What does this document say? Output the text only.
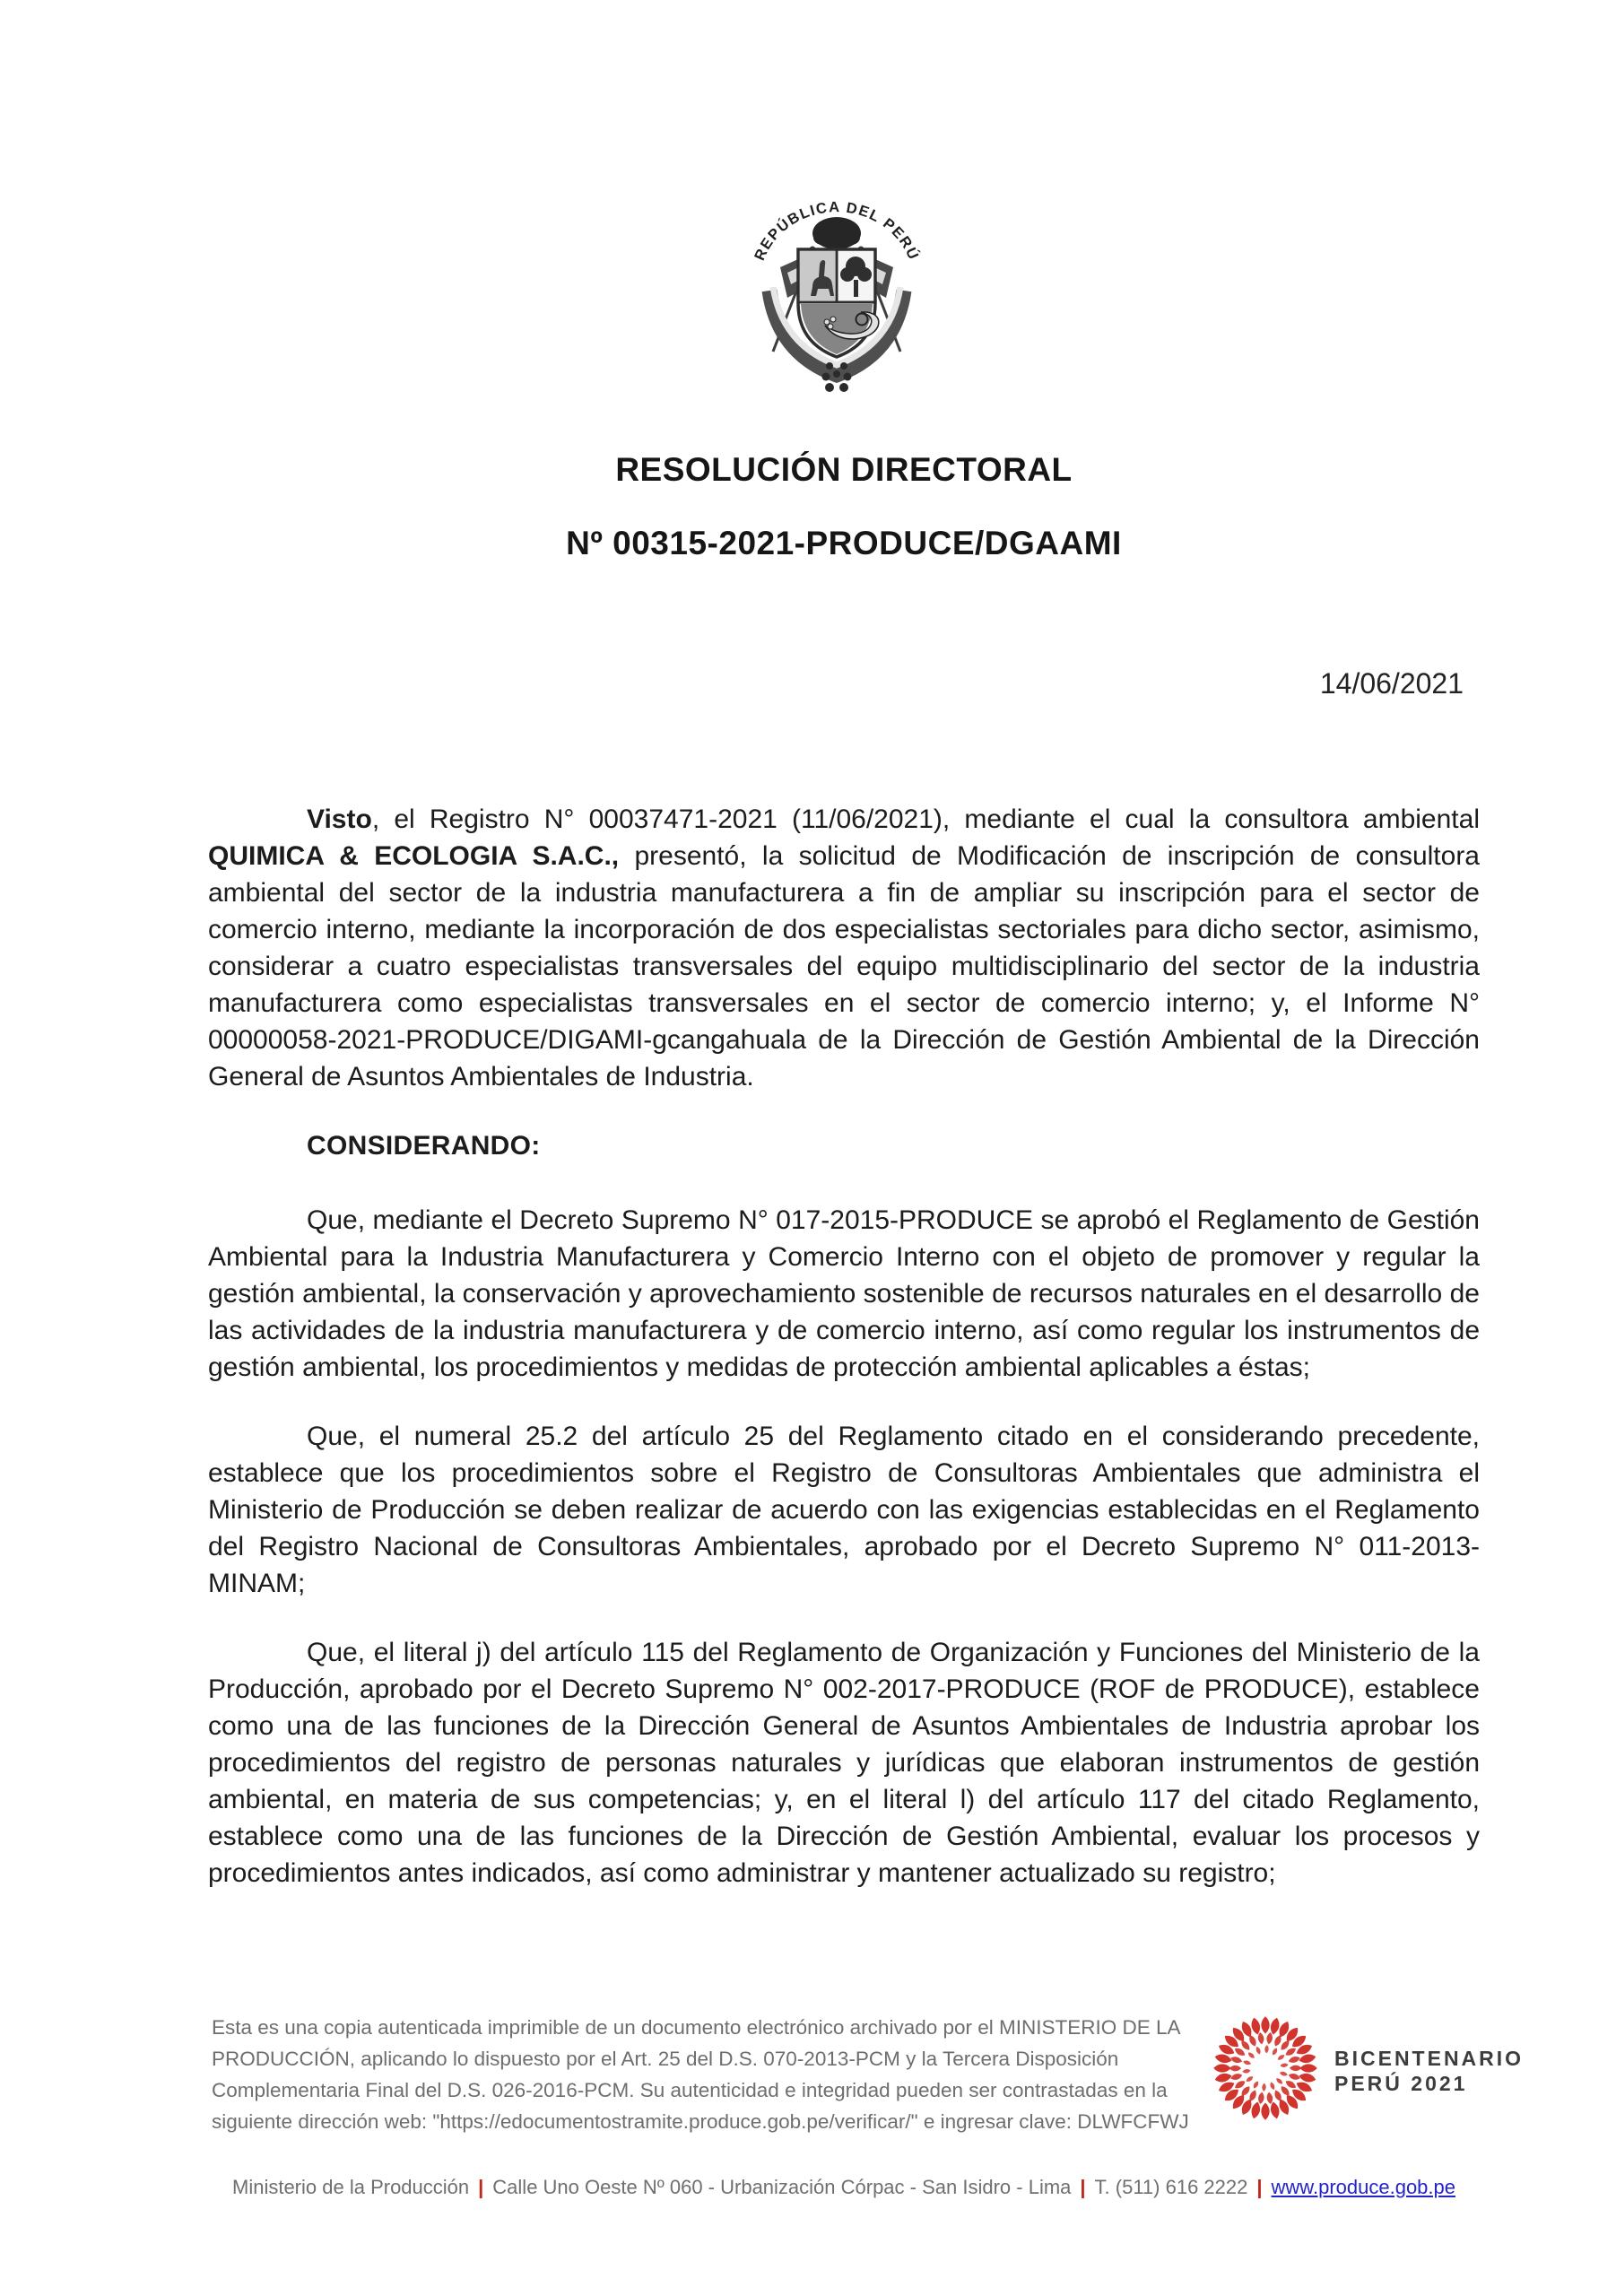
REPÚBLICA DEL PERÚ
RESOLUCIÓN DIRECTORAL
Nº 00315-2021-PRODUCE/DGAAMI
14/06/2021

Visto, el Registro N° 00037471-2021 (11/06/2021), mediante el cual la consultora ambiental QUIMICA & ECOLOGIA S.A.C., presentó, la solicitud de Modificación de inscripción de consultora ambiental del sector de la industria manufacturera a fin de ampliar su inscripción para el sector de comercio interno, mediante la incorporación de dos especialistas sectoriales para dicho sector, asimismo, considerar a cuatro especialistas transversales del equipo multidisciplinario del sector de la industria manufacturera como especialistas transversales en el sector de comercio interno; y, el Informe N° 00000058-2021-PRODUCE/DIGAMI-gcangahuala de la Dirección de Gestión Ambiental de la Dirección General de Asuntos Ambientales de Industria.

CONSIDERANDO:

Que, mediante el Decreto Supremo N° 017-2015-PRODUCE se aprobó el Reglamento de Gestión Ambiental para la Industria Manufacturera y Comercio Interno con el objeto de promover y regular la gestión ambiental, la conservación y aprovechamiento sostenible de recursos naturales en el desarrollo de las actividades de la industria manufacturera y de comercio interno, así como regular los instrumentos de gestión ambiental, los procedimientos y medidas de protección ambiental aplicables a éstas;

Que, el numeral 25.2 del artículo 25 del Reglamento citado en el considerando precedente, establece que los procedimientos sobre el Registro de Consultoras Ambientales que administra el Ministerio de Producción se deben realizar de acuerdo con las exigencias establecidas en el Reglamento del Registro Nacional de Consultoras Ambientales, aprobado por el Decreto Supremo N° 011-2013-MINAM;

Que, el literal j) del artículo 115 del Reglamento de Organización y Funciones del Ministerio de la Producción, aprobado por el Decreto Supremo N° 002-2017-PRODUCE (ROF de PRODUCE), establece como una de las funciones de la Dirección General de Asuntos Ambientales de Industria aprobar los procedimientos del registro de personas naturales y jurídicas que elaboran instrumentos de gestión ambiental, en materia de sus competencias; y, en el literal l) del artículo 117 del citado Reglamento, establece como una de las funciones de la Dirección de Gestión Ambiental, evaluar los procesos y procedimientos antes indicados, así como administrar y mantener actualizado su registro;

Esta es una copia autenticada imprimible de un documento electrónico archivado por el MINISTERIO DE LA PRODUCCIÓN, aplicando lo dispuesto por el Art. 25 del D.S. 070-2013-PCM y la Tercera Disposición Complementaria Final del D.S. 026-2016-PCM. Su autenticidad e integridad pueden ser contrastadas en la siguiente dirección web: "https://edocumentostramite.produce.gob.pe/verificar/" e ingresar clave: DLWFCFWJ
BICENTENARIO
PERÚ 2021
Ministerio de la Producción | Calle Uno Oeste Nº 060 - Urbanización Córpac - San Isidro - Lima | T. (511) 616 2222 | www.produce.gob.pe
